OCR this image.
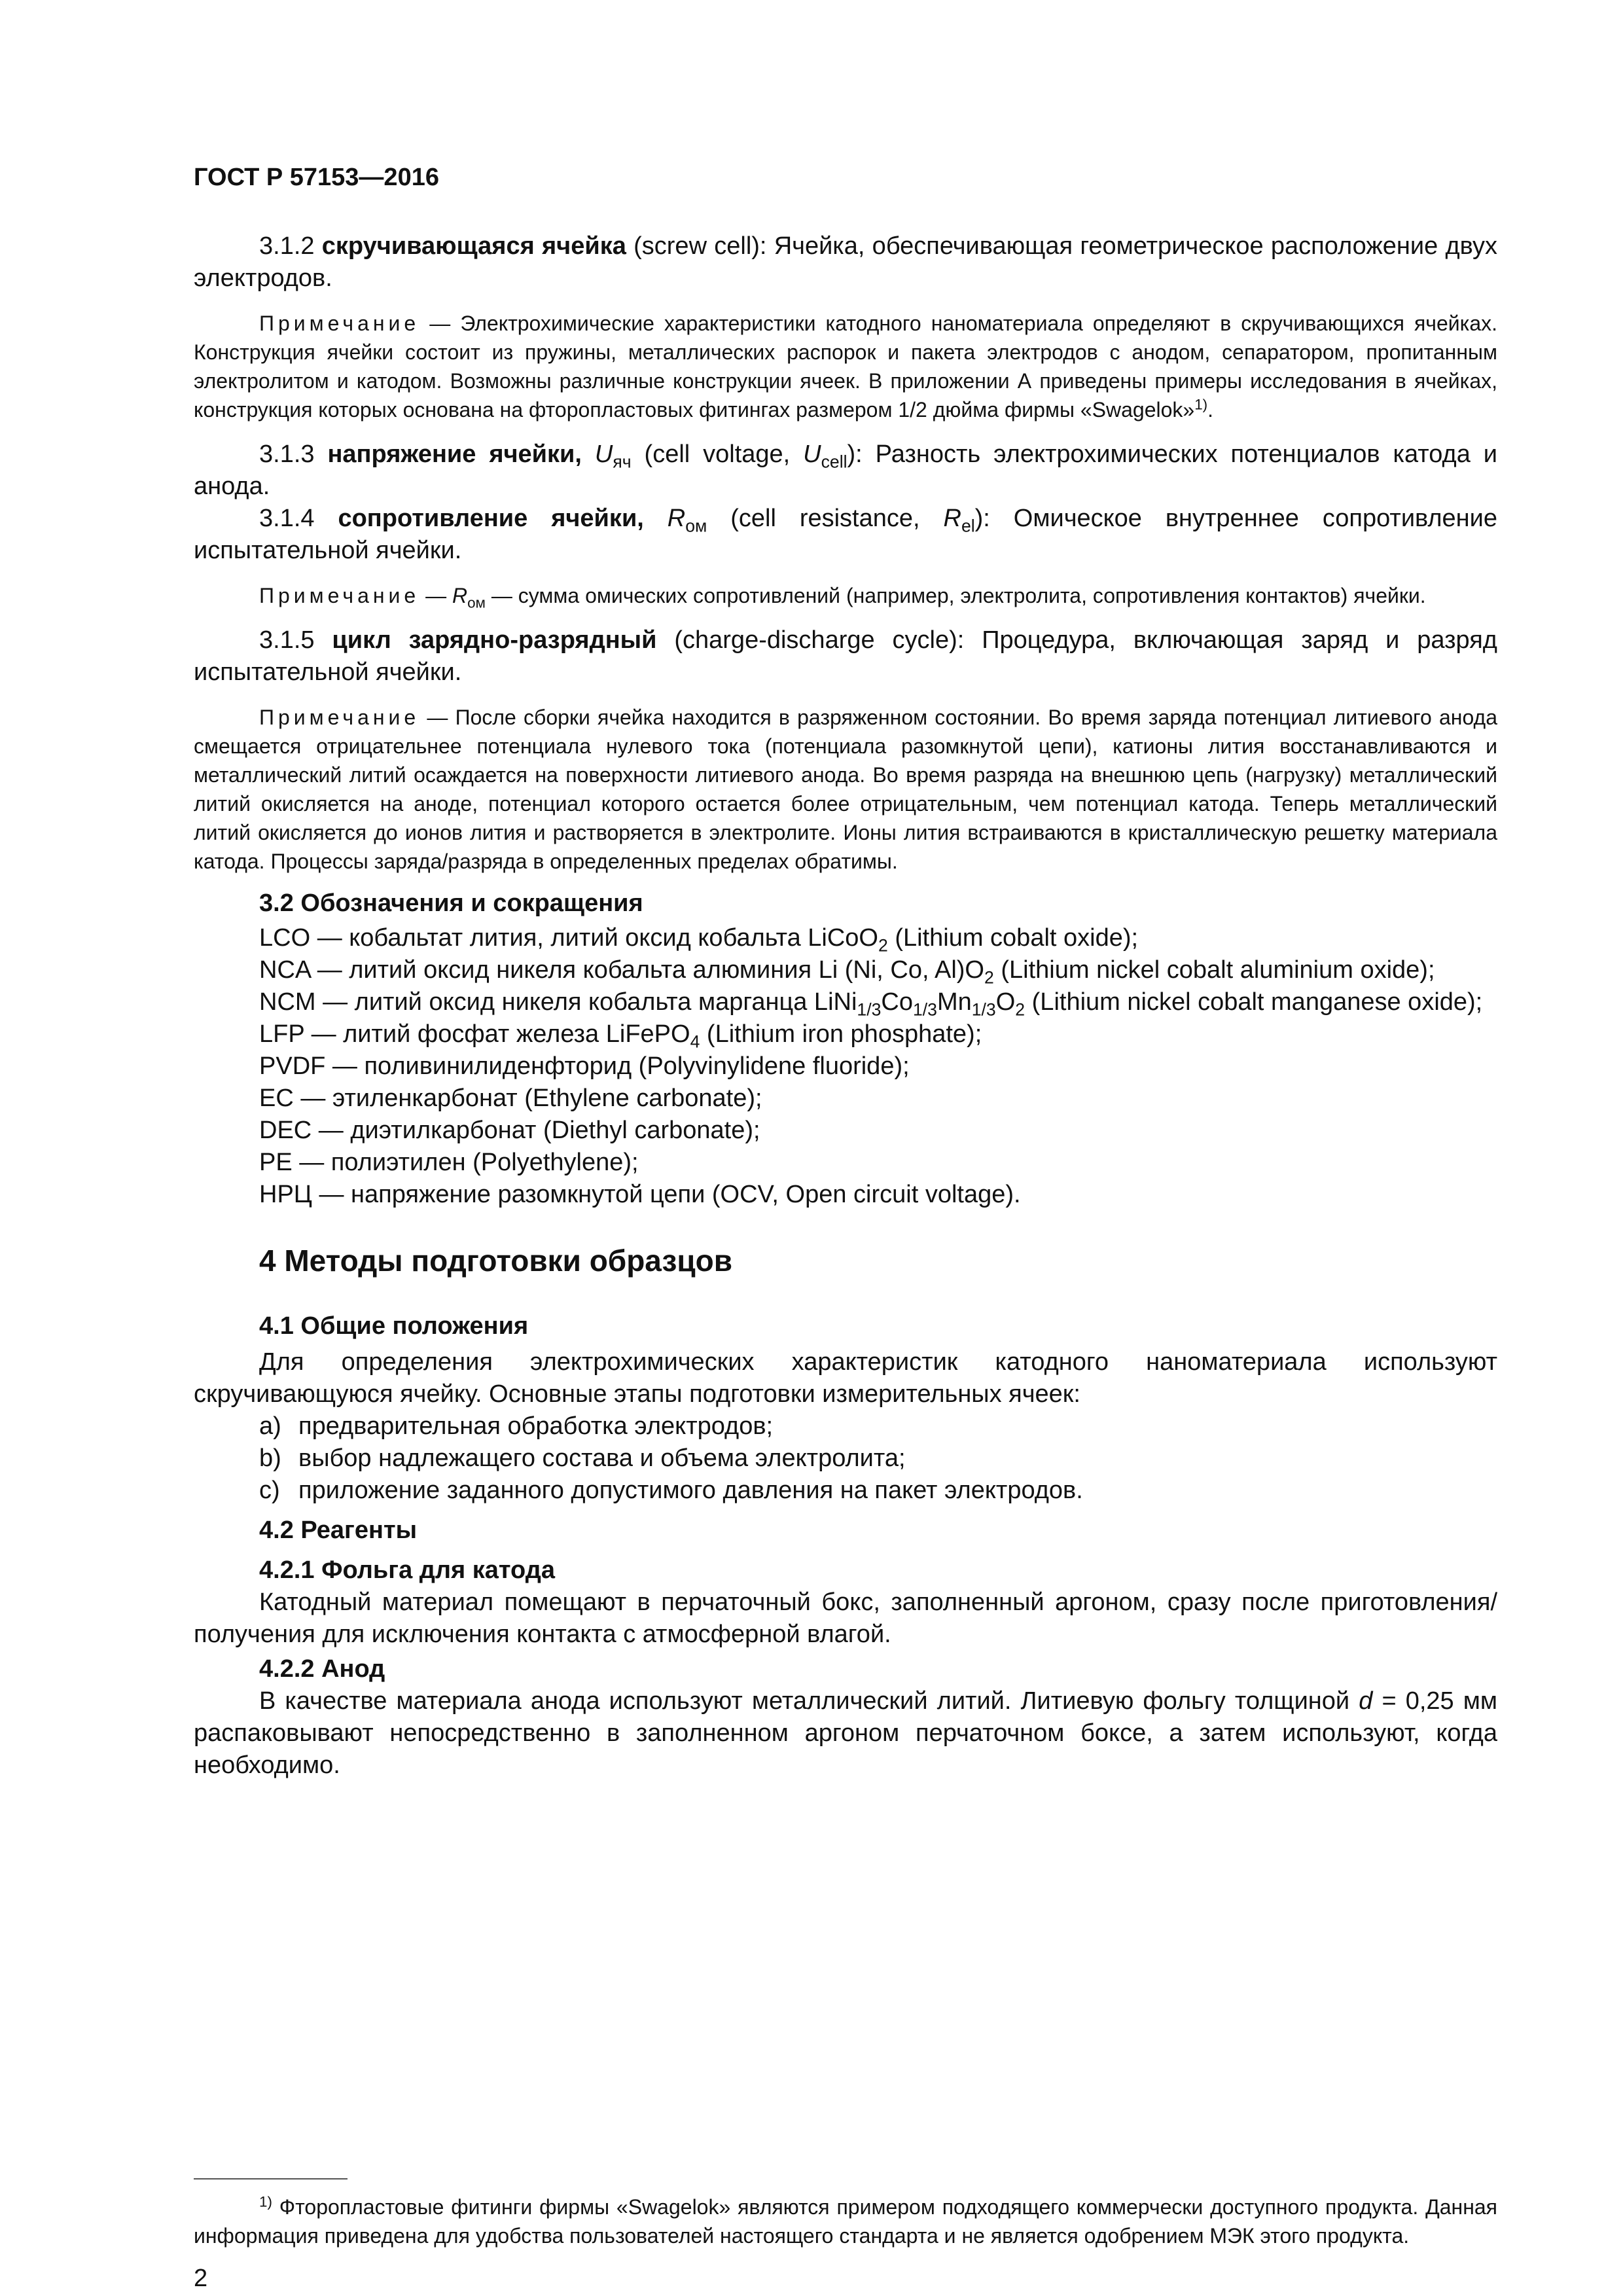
ГОСТ Р 57153—2016

3.1.2 скручивающаяся ячейка (screw cell): Ячейка, обеспечивающая геометрическое расположение двух электродов.

Примечание — Электрохимические характеристики катодного наноматериала определяют в скручивающихся ячейках. Конструкция ячейки состоит из пружины, металлических распорок и пакета электродов с анодом, сепаратором, пропитанным электролитом и катодом. Возможны различные конструкции ячеек. В приложении А приведены примеры исследования в ячейках, конструкция которых основана на фторопластовых фитингах размером 1/2 дюйма фирмы «Swagelok»$^{1)}$.

3.1.3 напряжение ячейки, $U_{яч}$ (cell voltage, $U_{cell}$): Разность электрохимических потенциалов катода и анода.

3.1.4 сопротивление ячейки, $R_{ом}$ (cell resistance, $R_{el}$): Омическое внутреннее сопротивление испытательной ячейки.

Примечание — $R_{ом}$ — сумма омических сопротивлений (например, электролита, сопротивления контактов) ячейки.

3.1.5 цикл зарядно-разрядный (charge-discharge cycle): Процедура, включающая заряд и разряд испытательной ячейки.

Примечание — После сборки ячейка находится в разряженном состоянии. Во время заряда потенциал литиевого анода смещается отрицательнее потенциала нулевого тока (потенциала разомкнутой цепи), катионы лития восстанавливаются и металлический литий осаждается на поверхности литиевого анода. Во время разряда на внешнюю цепь (нагрузку) металлический литий окисляется на аноде, потенциал которого остается более отрицательным, чем потенциал катода. Теперь металлический литий окисляется до ионов лития и растворяется в электролите. Ионы лития встраиваются в кристаллическую решетку материала катода. Процессы заряда/разряда в определенных пределах обратимы.

3.2 Обозначения и сокращения

LCO — кобальтат лития, литий оксид кобальта LiCoO$_2$ (Lithium cobalt oxide);

NCA — литий оксид никеля кобальта алюминия Li (Ni, Co, $Al)O_2$ (Lithium nickel cobalt aluminium oxide);

NCM — литий оксид никеля кобальта марганца $LiNi_{1/3}Co_{1/3}Mn_{1/3}O_2$ (Lithium nickel cobalt manganese oxide);

LFP — литий фосфат железа LiFePO$_4$ (Lithium iron phosphate);

PVDF — поливинилиденфторид (Polyvinylidene fluoride);

EC — этиленкарбонат (Ethylene carbonate);

DEC — диэтилкарбонат (Diethyl carbonate);

PE — полиэтилен (Polyethylene);

НРЦ — напряжение разомкнутой цепи (OCV, Open circuit voltage).

4 Методы подготовки образцов

4.1 Общие положения

Для определения электрохимических характеристик катодного наноматериала используют скручивающуюся ячейку. Основные этапы подготовки измерительных ячеек:

a) предварительная обработка электродов;

b) выбор надлежащего состава и объема электролита;

c) приложение заданного допустимого давления на пакет электродов.

4.2 Реагенты

4.2.1 Фольга для катода

Катодный материал помещают в перчаточный бокс, заполненный аргоном, сразу после приготовления/получения для исключения контакта с атмосферной влагой.

4.2.2 Анод

В качестве материала анода используют металлический литий. Литиевую фольгу толщиной d = 0,25 мм распаковывают непосредственно в заполненном аргоном перчаточном боксе, а затем используют, когда необходимо.

$^{1)}$ Фторопластовые фитинги фирмы «Swagelok» являются примером подходящего коммерчески доступного продукта. Данная информация приведена для удобства пользователей настоящего стандарта и не является одобрением МЭК этого продукта.

2
